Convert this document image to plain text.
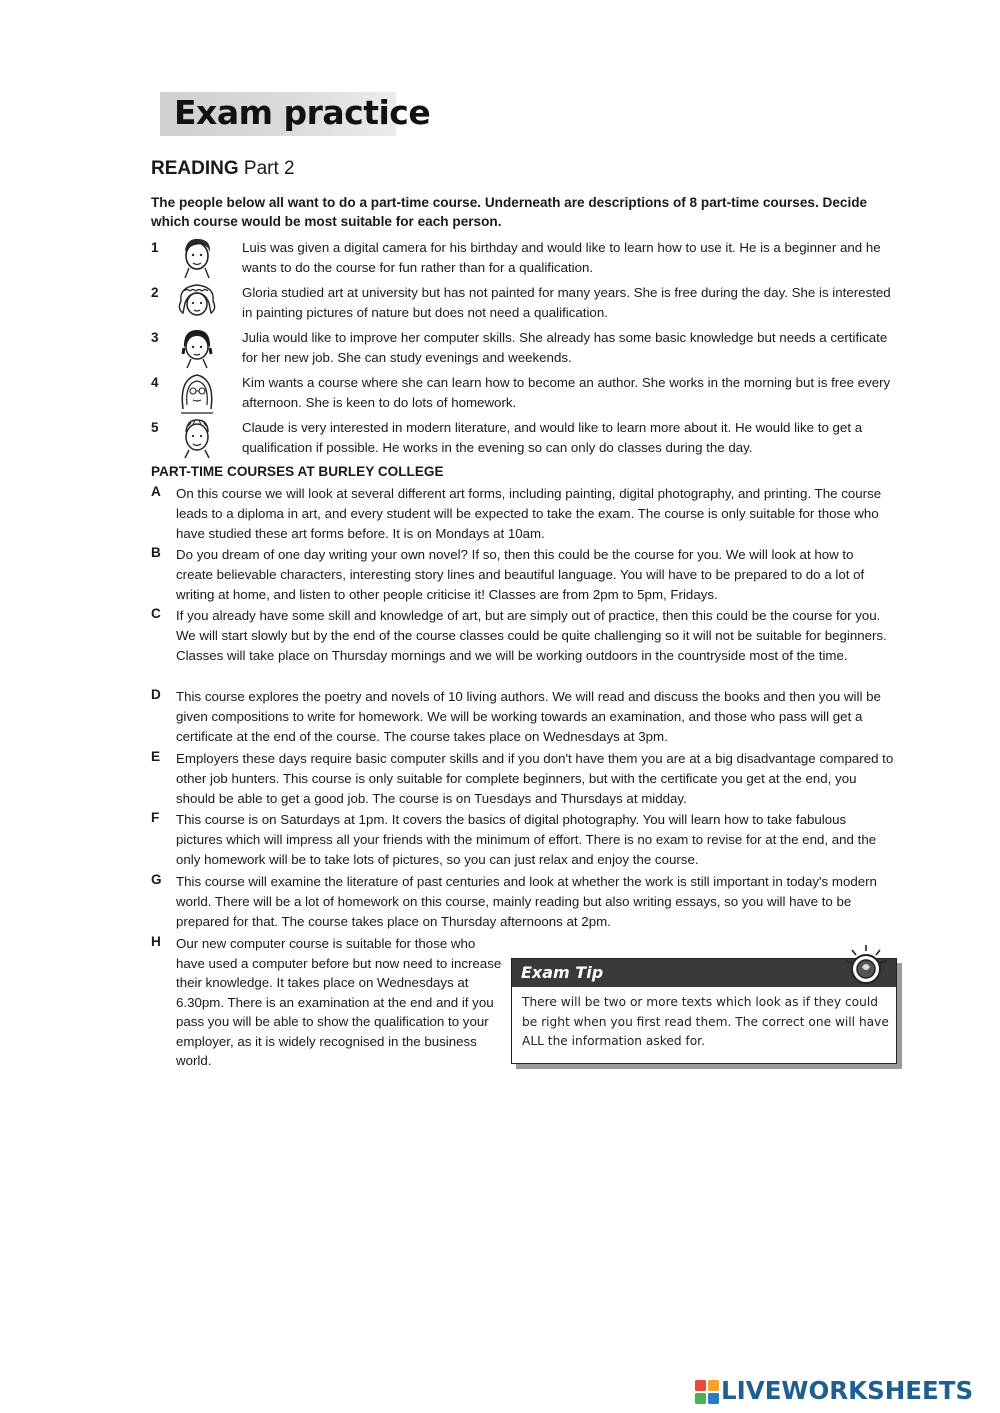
Exam practice
READING Part 2

The people below all want to do a part-time course. Underneath are descriptions of 8 part-time courses. Decide which course would be most suitable for each person.

1	Luis was given a digital camera for his birthday and would like to learn how to use it. He is a beginner and he wants to do the course for fun rather than for a qualification.

2	Gloria studied art at university but has not painted for many years. She is free during the day. She is interested in painting pictures of nature but does not need a qualification.

3	Julia would like to improve her computer skills. She already has some basic knowledge but needs a certificate for her new job. She can study evenings and weekends.

4	Kim wants a course where she can learn how to become an author. She works in the morning but is free every afternoon. She is keen to do lots of homework.

5	Claude is very interested in modern literature, and would like to learn more about it. He would like to get a qualification if possible. He works in the evening so can only do classes during the day.

PART-TIME COURSES AT BURLEY COLLEGE
A On this course we will look at several different art forms, including painting, digital photography, and printing. The course leads to a diploma in art, and every student will be expected to take the exam. The course is only suitable for those who have studied these art forms before. It is on Mondays at 10am.

B Do you dream of one day writing your own novel? If so, then this could be the course for you. We will look at how to create believable characters, interesting story lines and beautiful language. You will have to be prepared to do a lot of writing at home, and listen to other people criticise it! Classes are from 2pm to 5pm, Fridays.

C If you already have some skill and knowledge of art, but are simply out of practice, then this could be the course for you. We will start slowly but by the end of the course classes could be quite challenging so it will not be suitable for beginners. Classes will take place on Thursday mornings and we will be working outdoors in the countryside most of the time.

D This course explores the poetry and novels of 10 living authors. We will read and discuss the books and then you will be given compositions to write for homework. We will be working towards an examination, and those who pass will get a certificate at the end of the course. The course takes place on Wednesdays at 3pm.

E Employers these days require basic computer skills and if you don't have them you are at a big disadvantage compared to other job hunters. This course is only suitable for complete beginners, but with the certificate you get at the end, you should be able to get a good job. The course is on Tuesdays and Thursdays at midday.

F This course is on Saturdays at 1pm. It covers the basics of digital photography. You will learn how to take fabulous pictures which will impress all your friends with the minimum of effort. There is no exam to revise for at the end, and the only homework will be to take lots of pictures, so you can just relax and enjoy the course.

G This course will examine the literature of past centuries and look at whether the work is still important in today's modern world. There will be a lot of homework on this course, mainly reading but also writing essays, so you will have to be prepared for that. The course takes place on Thursday afternoons at 2pm.

H Our new computer course is suitable for those who have used a computer before but now need to increase their knowledge. It takes place on Wednesdays at 6.30pm. There is an examination at the end and if you pass you will be able to show the qualification to your employer, as it is widely recognised in the business world.

Exam Tip

There will be two or more texts which look as if they could be right when you first read them. The correct one will have ALL the information asked for.

LIVEWORKSHEETS
